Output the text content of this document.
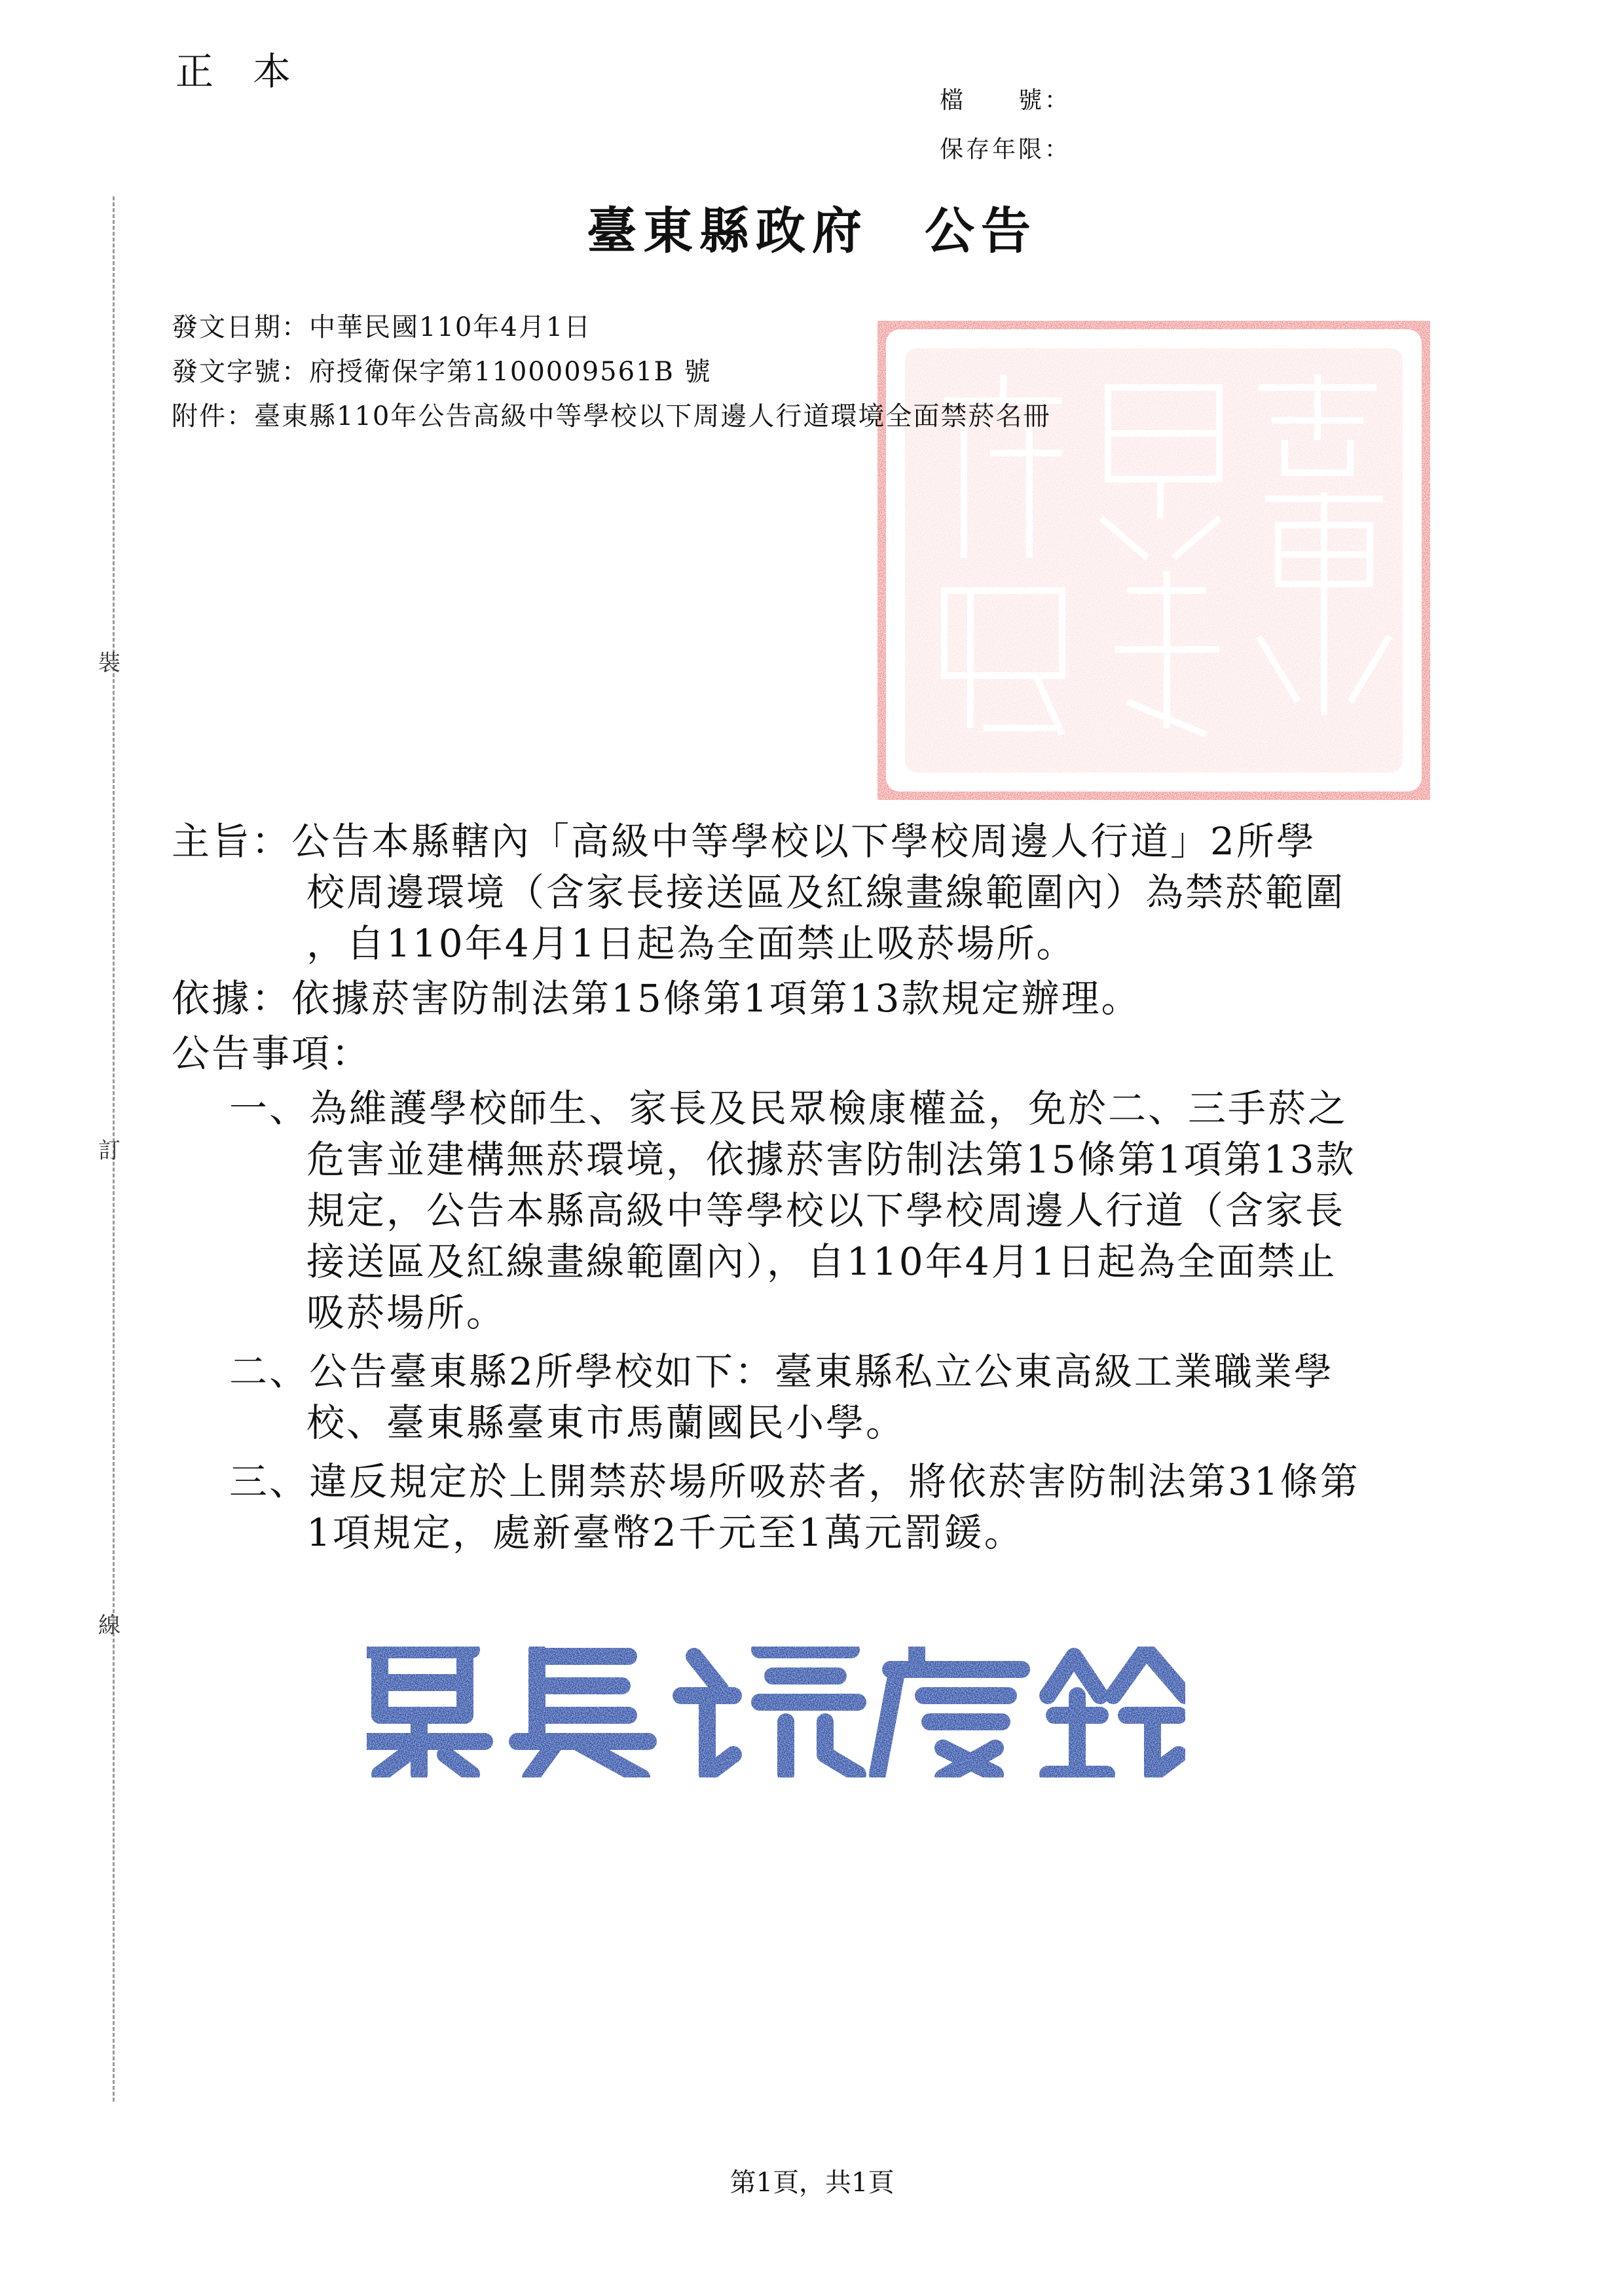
裝
訂
線
正本
檔　　號：
保存年限：
臺東縣政府　公告
發文日期：中華民國110年4月1日
發文字號：府授衛保字第1100009561B 號
附件：臺東縣110年公告高級中等學校以下周邊人行道環境全面禁菸名冊
主旨：公告本縣轄內「高級中等學校以下學校周邊人行道」2所學
校周邊環境（含家長接送區及紅線畫線範圍內）為禁菸範圍
，自110年4月1日起為全面禁止吸菸場所。
依據：依據菸害防制法第15條第1項第13款規定辦理。
公告事項：
一、為維護學校師生、家長及民眾檢康權益，免於二、三手菸之
危害並建構無菸環境，依據菸害防制法第15條第1項第13款
規定，公告本縣高級中等學校以下學校周邊人行道（含家長
接送區及紅線畫線範圍內），自110年4月1日起為全面禁止
吸菸場所。
二、公告臺東縣2所學校如下：臺東縣私立公東高級工業職業學
校、臺東縣臺東市馬蘭國民小學。
三、違反規定於上開禁菸場所吸菸者，將依菸害防制法第31條第
1項規定，處新臺幣2千元至1萬元罰鍰。
第1頁，共1頁
